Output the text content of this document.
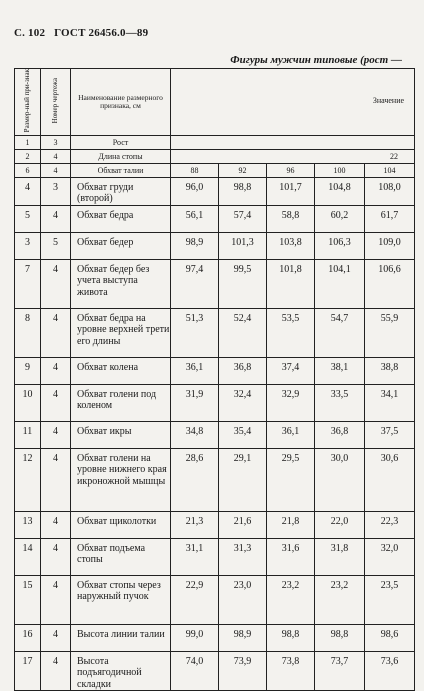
С. 102 ГОСТ 26456.0—89
Фигуры мужчин типовые (рост —
Размер-ный при-знак	Номер чертежа	Наименование размерного признака, см	Значение				
1	3	Рост					
2	4	Длина стопы	22				
6	4	Обхват талии	88	92	96	100	104
4	3	Обхват груди (второй)	96,0	98,8	101,7	104,8	108,0
5	4	Обхват бедра	56,1	57,4	58,8	60,2	61,7
3	5	Обхват бедер	98,9	101,3	103,8	106,3	109,0
7	4	Обхват бедер без учета выступа живота	97,4	99,5	101,8	104,1	106,6
8	4	Обхват бедра на уровне верхней трети его длины	51,3	52,4	53,5	54,7	55,9
9	4	Обхват колена	36,1	36,8	37,4	38,1	38,8
10	4	Обхват голени под коленом	31,9	32,4	32,9	33,5	34,1
11	4	Обхват икры	34,8	35,4	36,1	36,8	37,5
12	4	Обхват голени на уровне нижнего края икроножной мышцы	28,6	29,1	29,5	30,0	30,6
13	4	Обхват щиколотки	21,3	21,6	21,8	22,0	22,3
14	4	Обхват подъема стопы	31,1	31,3	31,6	31,8	32,0
15	4	Обхват стопы через наружный пучок	22,9	23,0	23,2	23,2	23,5
16	4	Высота линии талии	99,0	98,9	98,8	98,8	98,6
17	4	Высота подъягодичной складки	74,0	73,9	73,8	73,7	73,6
